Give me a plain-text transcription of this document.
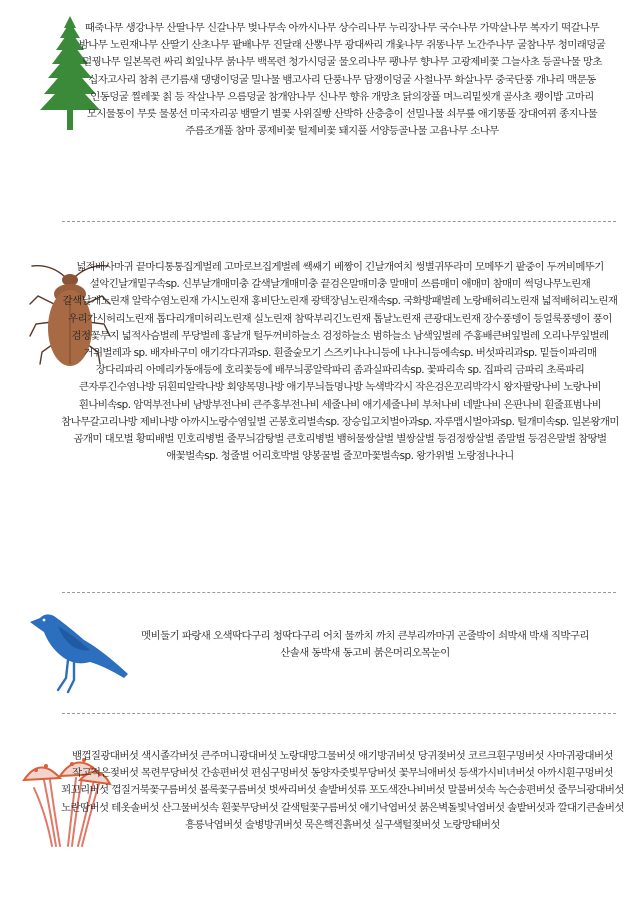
때죽나무 생강나무 산딸나무 신갈나무 벚나무속 아까시나무 상수리나무 누리장나무 국수나무 가막살나무 복자기 떡갈나무 밤나무 노린재나무 산딸기 산초나무 팥배나무 진달래 산뽕나무 광대싸리 개옻나무 쥐똥나무 노간주나무 굴참나무 청미래덩굴 덜꿩나무 일본목련 싸리 회잎나무 붉나무 백목련 청가시덩굴 물오리나무 팽나무 향나무 고광제비꽃 그늘사초 등골나물 망초 십자고사리 참취 큰기름새 댕댕이덩굴 밀나물 뱀고사리 단풍나무 담쟁이덩굴 사철나무 화살나무 중국단풍 개나리 맥문동 인동덩굴 찔레꽃 칡 등 작살나무 으름덩굴 참개암나무 신나무 향유 개망초 닭의장풀 며느리밑씻개 골사초 쾡이밥 고마리 모시물통이 무릇 물봉선 미국자리공 뱀딸기 별꽃 사위질빵 산박하 산층층이 선밀나물 쇠무릎 애기똥풀 장대여뀌 종지나물 주름조개풀 참마 콩제비꽃 털제비꽃 돼지풀 서양등골나물 고욤나무 소나무
넓적배사마귀 끝마디통통집게벌레 고마로브집게벌레 쌕쌔기 베짱이 긴날개여치 썽별귀뚜라미 모메뚜기 팥중이 두꺼비메뚜기 설악긴날개밑구속sp. 신부날개매미충 갈색날개매미충 끝검은말매미충 말매미 쓰름매미 애매미 참매미 썩덩나무노린재 갈색날개노린재 알락수염노린재 가시노린재 홍비단노린재 광택장님노린재속sp. 국화방패벌레 노랑배허리노린재 넓적배허리노린재 우리가시허리노린재 톱다리개미허리노린재 실노린재 참딱부리긴노린재 톱날노린재 큰광대노린재 장수풍뎅이 등얼룩풍뎅이 풍이 검정꽃무지 넓적사슴벌레 무당벌레 홍날개 털두꺼비하늘소 검정하늘소 범하늘소 남색잎벌레 주홍배큰벼잎벌레 오리나무잎벌레 거위벌레과 sp. 배자바구미 애기각다귀과sp. 흰줄숲모기 스즈키나나니등에 나나니등에속sp. 버섯파리과sp. 밑들이파리매 장다리파리 아메리카동애등에 호리꽃등에 배무늬콩알락파리 좀과실파리속sp. 꽃파리속 sp. 집파리 금파리 초록파리 큰자루긴수염나방 뒤흰띠알락나방 회양목명나방 애기무늬들명나방 녹색박각시 작은검은꼬리박각시 왕자팔랑나비 노랑나비 흰나비속sp. 암먹부전나비 남방부전나비 큰주홍부전나비 세줄나비 애기세줄나비 부처나비 네발나비 은판나비 흰줄표범나비 참나무갈고리나방 제비나방 아까시노랑수염잎벌 곤봉호리벌속sp. 장승입고치벌아과sp. 자루맵시벌아과sp. 털개미속sp. 일본왕개미 곰개미 대모벌 황띠배벌 민호리병벌 줄무늬감탕벌 큰호리병벌 뱀허물쌍살벌 별쌍살벌 등검정쌍살벌 좀말벌 등검은말벌 참땅벌 애꽃벌속sp. 청줄벌 어리호박벌 양봉꿀벌 줄꼬마꽃벌속sp. 왕가위벌 노랑점나나니
멧비둘기 파랑새 오색딱다구리 청딱다구리 어치 물까치 까치 큰부리까마귀 곤줄박이 쇠박새 박새 직박구리 산솔새 동박새 동고비 붉은머리오목눈이
뱀껍질광대버섯 색시졸각버섯 큰주머니광대버섯 노랑대망그물버섯 애기방귀버섯 당귀젖버섯 코르크흰구멍버섯 사마귀광대버섯 작고적은젖버섯 목련무당버섯 간송편버섯 편심구멍버섯 동양자줏빛무당버섯 꽃무늬애버섯 등색가시비녀버섯 아까시흰구멍버섯 꾀꼬리버섯 껍질거북꽃구름버섯 볼록꽃구름버섯 벗싸리버섯 솔밭버섯류 포도색잔나비버섯 말불버섯속 녹슨송편버섯 줄무늬광대버섯 노란땀버섯 테옷솔버섯 산그물버섯속 흰꽃무당버섯 갈색털꽃구름버섯 애기낙엽버섯 붉은벽돌빛낙엽버섯 솔밭버섯과 깔대기큰솔버섯 흥릉낙엽버섯 술병방귀버섯 묵은핵진흙버섯 실구색털젖버섯 노랑망태버섯
